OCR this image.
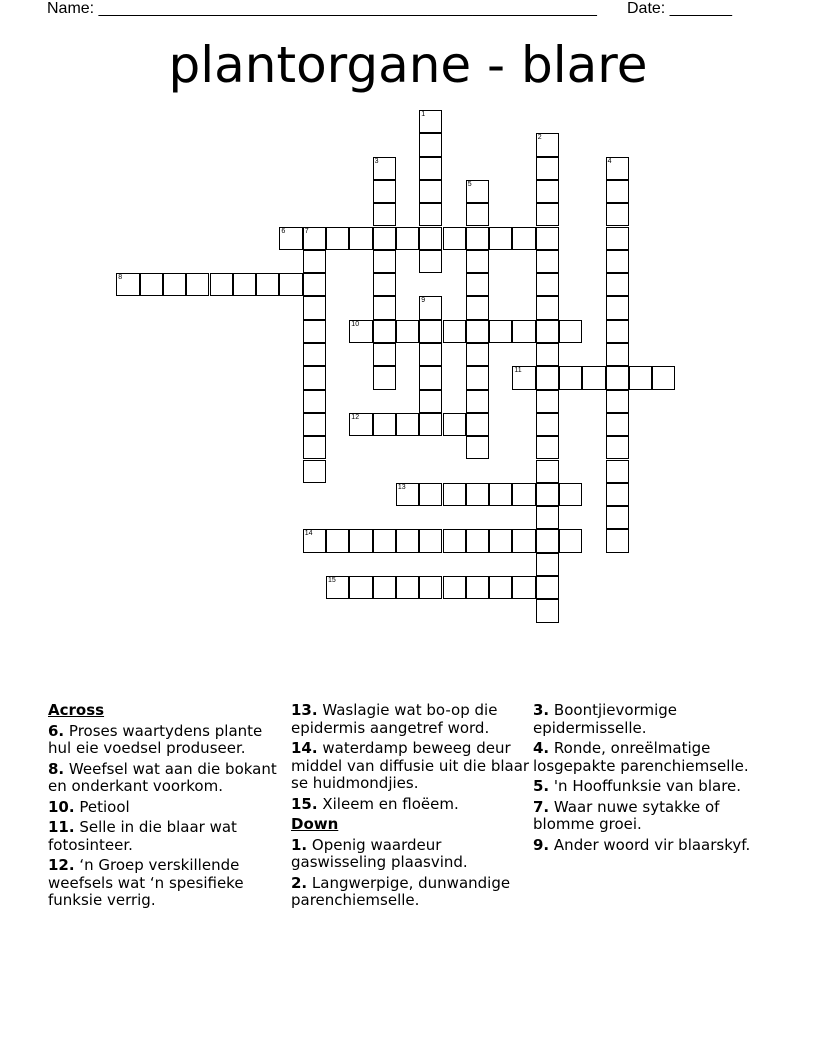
Name: ________________________________________________________ Date: _______
plantorgane - blare
1
2
3	4
5
6	7
8
9
10
11
12
13
14
15
Across
6. Proses waartydens plante hul eie voedsel produseer.
8. Weefsel wat aan die bokant en onderkant voorkom.
10. Petiool
11. Selle in die blaar wat fotosinteer.
12. ‘n Groep verskillende weefsels wat ‘n spesifieke funksie verrig.
13. Waslagie wat bo-op die epidermis aangetref word.
14. waterdamp beweeg deur middel van diffusie uit die blaar se huidmondjies.
15. Xileem en floëem.
Down
1. Openig waardeur gaswisseling plaasvind.
2. Langwerpige, dunwandige parenchiemselle.
3. Boontjievormige epidermisselle.
4. Ronde, onreëlmatige losgepakte parenchiemselle.
5. 'n Hooffunksie van blare.
7. Waar nuwe sytakke of blomme groei.
9. Ander woord vir blaarskyf.
